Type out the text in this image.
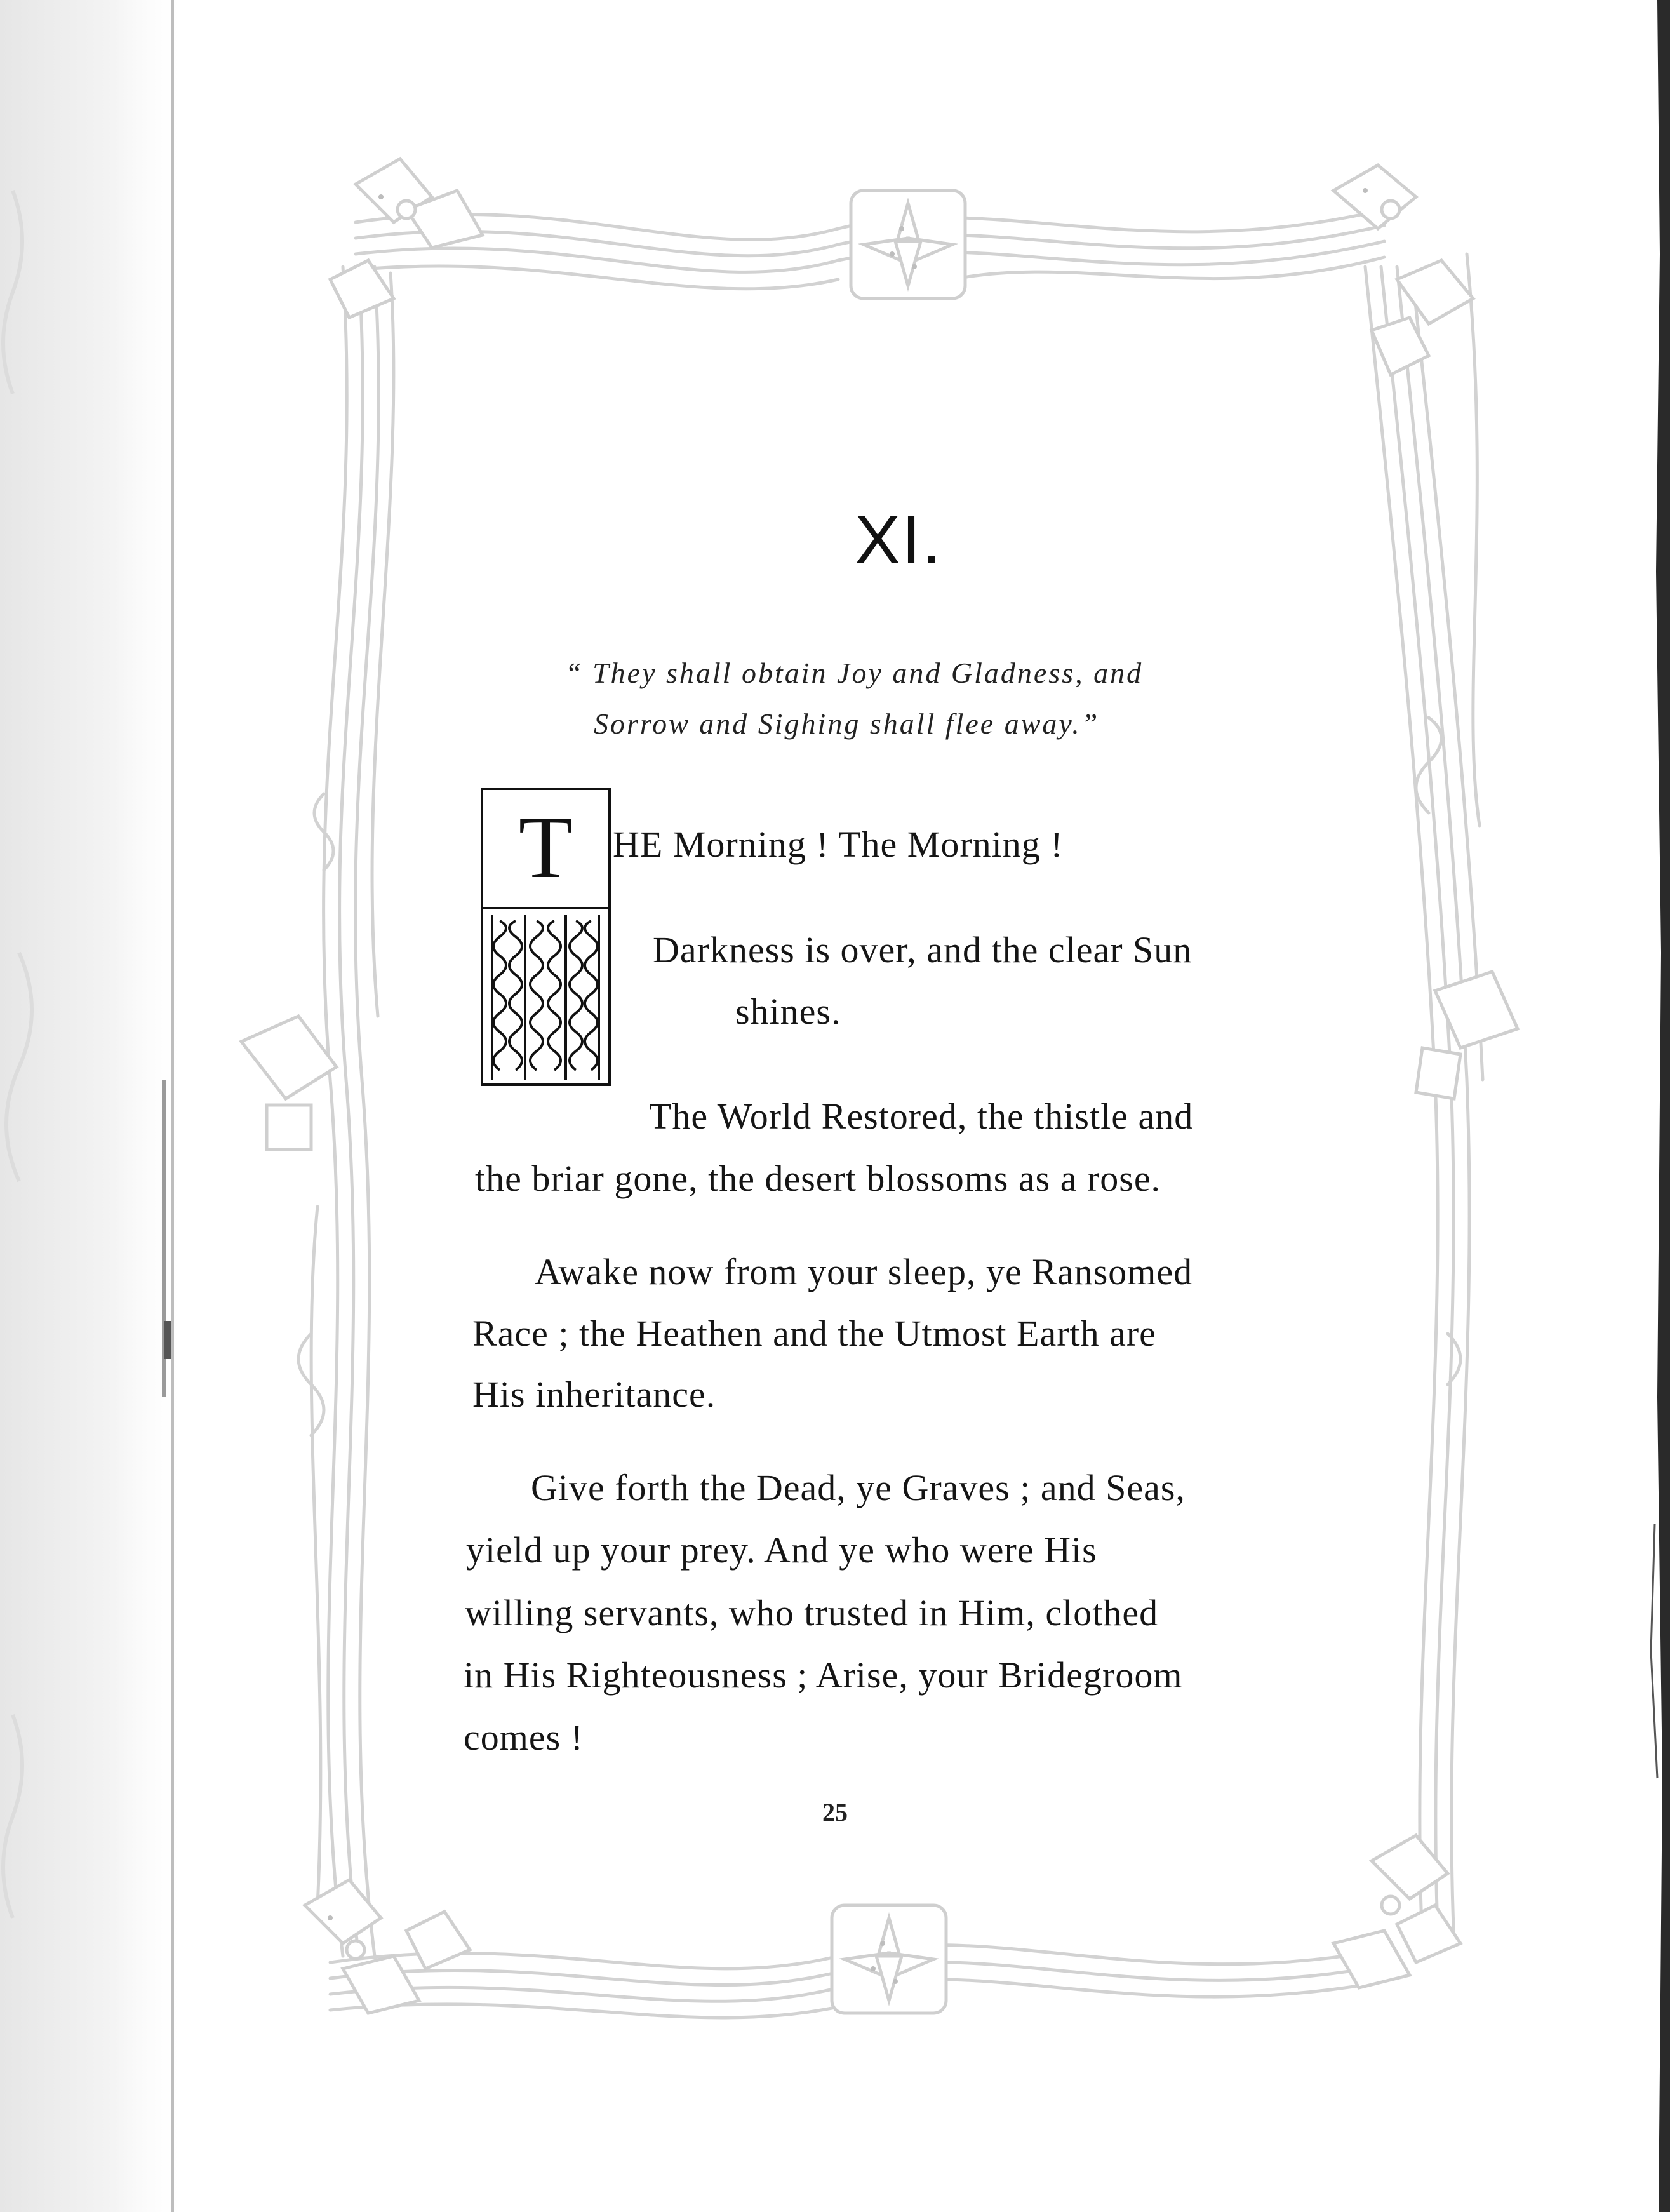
XI.
“ They shall obtain Joy and Gladness, and
Sorrow and Sighing shall flee away.”
T	HE Morning ! The Morning !
Darkness is over, and the clear Sun
shines.
The World Restored, the thistle and
the briar gone, the desert blossoms as a rose.
Awake now from your sleep, ye Ransomed
Race ; the Heathen and the Utmost Earth are
His inheritance.
Give forth the Dead, ye Graves ; and Seas,
yield up your prey. And ye who were His
willing servants, who trusted in Him, clothed
in His Righteousness ; Arise, your Bridegroom
comes !
25
